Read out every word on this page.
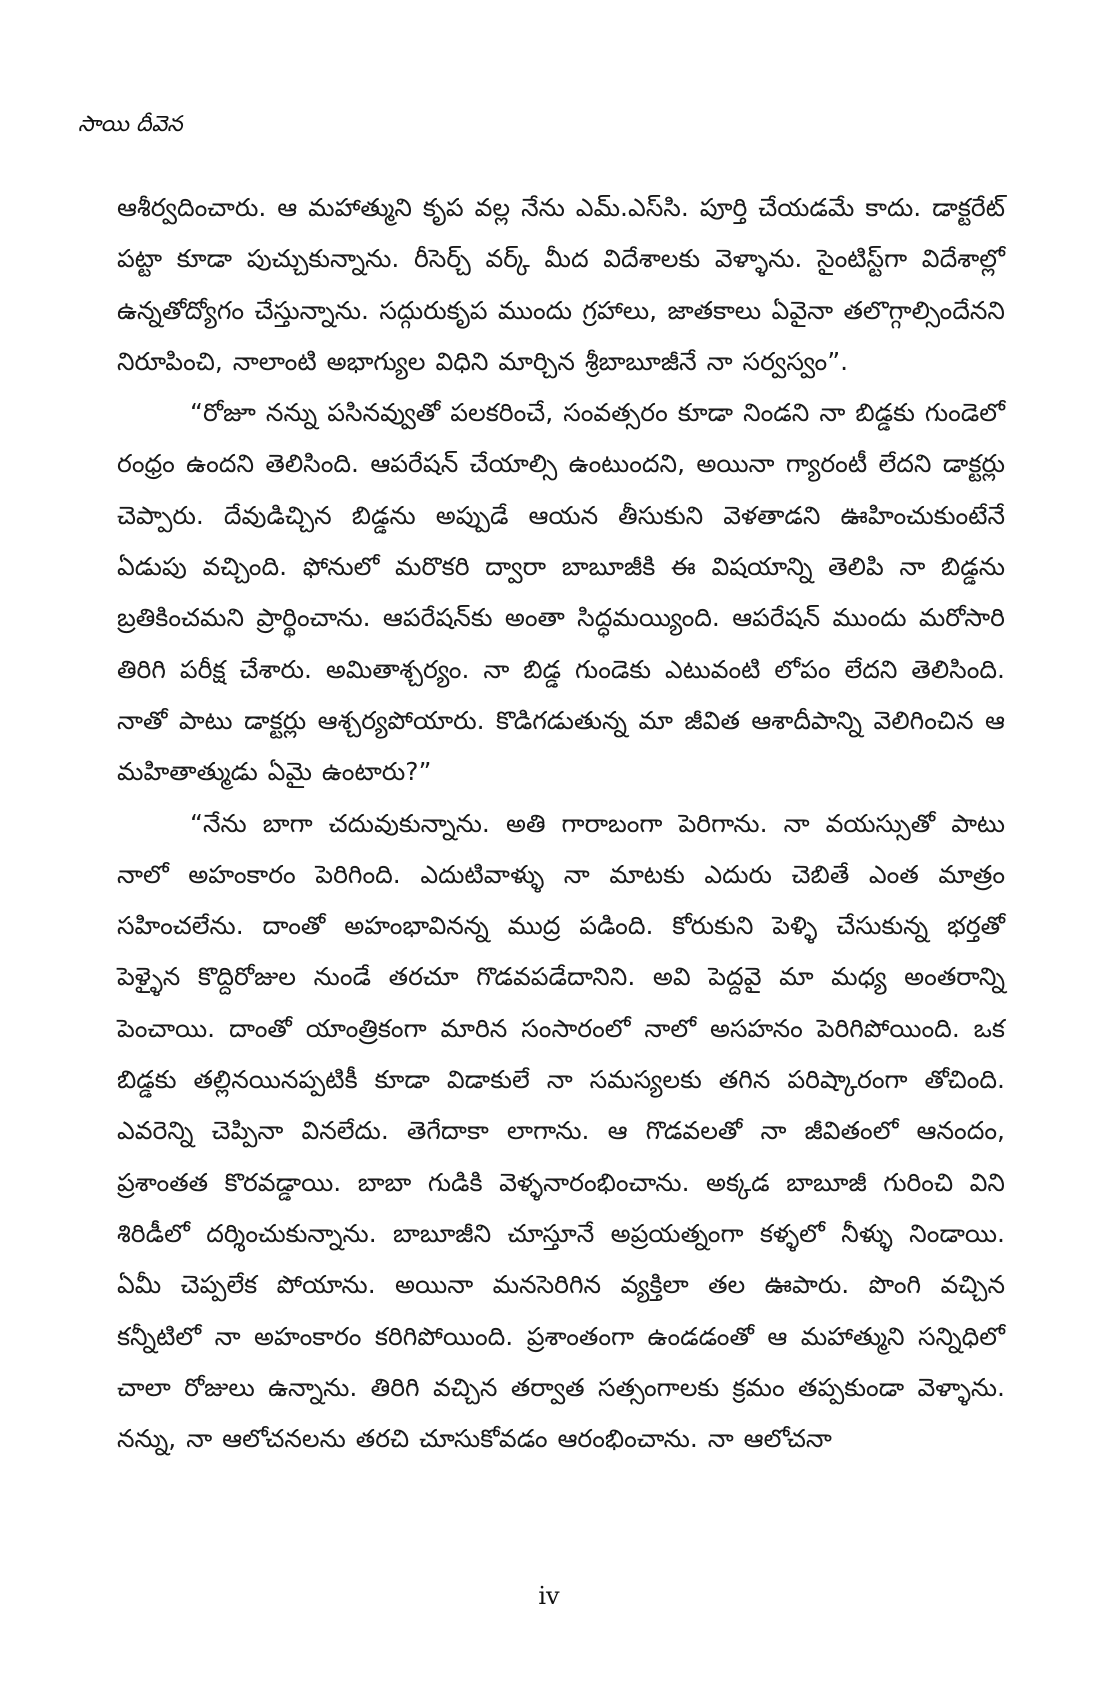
సాయి దీవెన

ఆశీర్వదించారు. ఆ మహాత్ముని కృప వల్ల నేను ఎమ్.ఎస్‌సి. పూర్తి చేయడమే కాదు. డాక్టరేట్ పట్టా కూడా పుచ్చుకున్నాను. రీసెర్చ్ వర్క్ మీద విదేశాలకు వెళ్ళాను. సైంటిస్ట్‌గా విదేశాల్లో ఉన్నతోద్యోగం చేస్తున్నాను. సద్గురుకృప ముందు గ్రహాలు, జాతకాలు ఏవైనా తలొగ్గాల్సిందేనని నిరూపించి, నాలాంటి అభాగ్యుల విధిని మార్చిన శ్రీబాబూజీనే నా సర్వస్వం”.

“రోజూ నన్ను పసినవ్వుతో పలకరించే, సంవత్సరం కూడా నిండని నా బిడ్డకు గుండెలో రంధ్రం ఉందని తెలిసింది. ఆపరేషన్ చేయాల్సి ఉంటుందని, అయినా గ్యారంటీ లేదని డాక్టర్లు చెప్పారు. దేవుడిచ్చిన బిడ్డను అప్పుడే ఆయన తీసుకుని వెళతాడని ఊహించుకుంటేనే ఏడుపు వచ్చింది. ఫోనులో మరొకరి ద్వారా బాబూజీకి ఈ విషయాన్ని తెలిపి నా బిడ్డను బ్రతికించమని ప్రార్థించాను. ఆపరేషన్‌కు అంతా సిద్ధమయ్యింది. ఆపరేషన్ ముందు మరోసారి తిరిగి పరీక్ష చేశారు. అమితాశ్చర్యం. నా బిడ్డ గుండెకు ఎటువంటి లోపం లేదని తెలిసింది. నాతో పాటు డాక్టర్లు ఆశ్చర్యపోయారు. కొడిగడుతున్న మా జీవిత ఆశాదీపాన్ని వెలిగించిన ఆ మహితాత్ముడు ఏమై ఉంటారు?”

“నేను బాగా చదువుకున్నాను. అతి గారాబంగా పెరిగాను. నా వయస్సుతో పాటు నాలో అహంకారం పెరిగింది. ఎదుటివాళ్ళు నా మాటకు ఎదురు చెబితే ఎంత మాత్రం సహించలేను. దాంతో అహంభావినన్న ముద్ర పడింది. కోరుకుని పెళ్ళి చేసుకున్న భర్తతో పెళ్ళైన కొద్దిరోజుల నుండే తరచూ గొడవపడేదానిని. అవి పెద్దవై మా మధ్య అంతరాన్ని పెంచాయి. దాంతో యాంత్రికంగా మారిన సంసారంలో నాలో అసహనం పెరిగిపోయింది. ఒక బిడ్డకు తల్లినయినప్పటికీ కూడా విడాకులే నా సమస్యలకు తగిన పరిష్కారంగా తోచింది. ఎవరెన్ని చెప్పినా వినలేదు. తెగేదాకా లాగాను. ఆ గొడవలతో నా జీవితంలో ఆనందం, ప్రశాంతత కొరవడ్డాయి. బాబా గుడికి వెళ్ళనారంభించాను. అక్కడ బాబూజీ గురించి విని శిరిడీలో దర్శించుకున్నాను. బాబూజీని చూస్తూనే అప్రయత్నంగా కళ్ళలో నీళ్ళు నిండాయి. ఏమీ చెప్పలేక పోయాను. అయినా మనసెరిగిన వ్యక్తిలా తల ఊపారు. పొంగి వచ్చిన కన్నీటిలో నా అహంకారం కరిగిపోయింది. ప్రశాంతంగా ఉండడంతో ఆ మహాత్ముని సన్నిధిలో చాలా రోజులు ఉన్నాను. తిరిగి వచ్చిన తర్వాత సత్సంగాలకు క్రమం తప్పకుండా వెళ్ళాను. నన్ను, నా ఆలోచనలను తరచి చూసుకోవడం ఆరంభించాను. నా ఆలోచనా

iv
